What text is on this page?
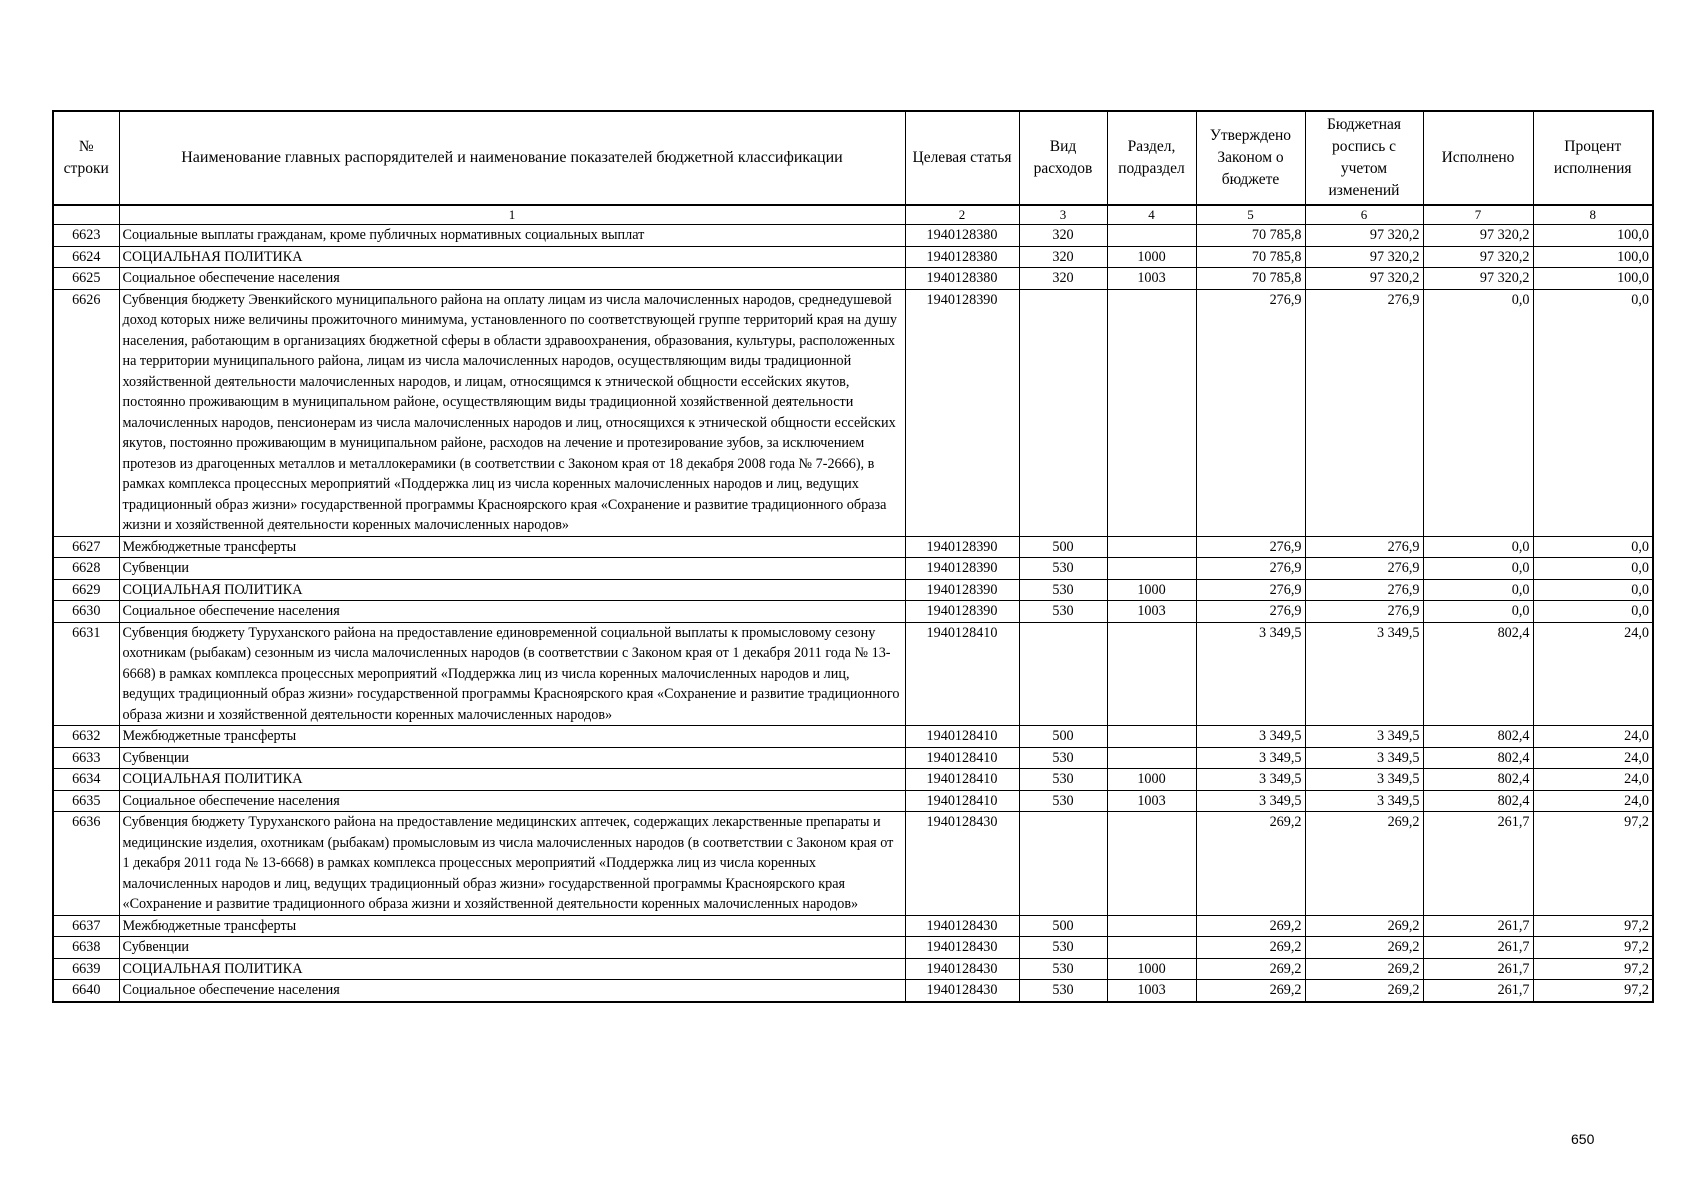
№ строки	Наименование главных распорядителей и наименование показателей бюджетной классификации	Целевая статья	Вид расходов	Раздел, подраздел	Утверждено Законом о бюджете	Бюджетная роспись с учетом изменений	Исполнено	Процент исполнения
	1	2	3	4	5	6	7	8
6623	Социальные выплаты гражданам, кроме публичных нормативных социальных выплат	1940128380	320		70 785,8	97 320,2	97 320,2	100,0
6624	СОЦИАЛЬНАЯ ПОЛИТИКА	1940128380	320	1000	70 785,8	97 320,2	97 320,2	100,0
6625	Социальное обеспечение населения	1940128380	320	1003	70 785,8	97 320,2	97 320,2	100,0
6626	Субвенция бюджету Эвенкийского муниципального района на оплату лицам из числа малочисленных народов, среднедушевой доход которых ниже величины прожиточного минимума, установленного по соответствующей группе территорий края на душу населения, работающим в организациях бюджетной сферы в области здравоохранения, образования, культуры, расположенных на территории муниципального района, лицам из числа малочисленных народов, осуществляющим виды традиционной хозяйственной деятельности малочисленных народов, и лицам, относящимся к этнической общности ессейских якутов, постоянно проживающим в муниципальном районе, осуществляющим виды традиционной хозяйственной деятельности малочисленных народов, пенсионерам из числа малочисленных народов и лиц, относящихся к этнической общности ессейских якутов, постоянно проживающим в муниципальном районе, расходов на лечение и протезирование зубов, за исключением протезов из драгоценных металлов и металлокерамики (в соответствии с Законом края от 18 декабря 2008 года № 7-2666), в рамках комплекса процессных мероприятий «Поддержка лиц из числа коренных малочисленных народов и лиц, ведущих традиционный образ жизни» государственной программы Красноярского края «Сохранение и развитие традиционного образа жизни и хозяйственной деятельности коренных малочисленных народов»	1940128390			276,9	276,9	0,0	0,0
6627	Межбюджетные трансферты	1940128390	500		276,9	276,9	0,0	0,0
6628	Субвенции	1940128390	530		276,9	276,9	0,0	0,0
6629	СОЦИАЛЬНАЯ ПОЛИТИКА	1940128390	530	1000	276,9	276,9	0,0	0,0
6630	Социальное обеспечение населения	1940128390	530	1003	276,9	276,9	0,0	0,0
6631	Субвенция бюджету Туруханского района на предоставление единовременной социальной выплаты к промысловому сезону охотникам (рыбакам) сезонным из числа малочисленных народов (в соответствии с Законом края от 1 декабря 2011 года № 13-6668) в рамках комплекса процессных мероприятий «Поддержка лиц из числа коренных малочисленных народов и лиц, ведущих традиционный образ жизни» государственной программы Красноярского края «Сохранение и развитие традиционного образа жизни и хозяйственной деятельности коренных малочисленных народов»	1940128410			3 349,5	3 349,5	802,4	24,0
6632	Межбюджетные трансферты	1940128410	500		3 349,5	3 349,5	802,4	24,0
6633	Субвенции	1940128410	530		3 349,5	3 349,5	802,4	24,0
6634	СОЦИАЛЬНАЯ ПОЛИТИКА	1940128410	530	1000	3 349,5	3 349,5	802,4	24,0
6635	Социальное обеспечение населения	1940128410	530	1003	3 349,5	3 349,5	802,4	24,0
6636	Субвенция бюджету Туруханского района на предоставление медицинских аптечек, содержащих лекарственные препараты и медицинские изделия, охотникам (рыбакам) промысловым из числа малочисленных народов (в соответствии с Законом края от 1 декабря 2011 года № 13-6668) в рамках комплекса процессных мероприятий «Поддержка лиц из числа коренных малочисленных народов и лиц, ведущих традиционный образ жизни» государственной программы Красноярского края «Сохранение и развитие традиционного образа жизни и хозяйственной деятельности коренных малочисленных народов»	1940128430			269,2	269,2	261,7	97,2
6637	Межбюджетные трансферты	1940128430	500		269,2	269,2	261,7	97,2
6638	Субвенции	1940128430	530		269,2	269,2	261,7	97,2
6639	СОЦИАЛЬНАЯ ПОЛИТИКА	1940128430	530	1000	269,2	269,2	261,7	97,2
6640	Социальное обеспечение населения	1940128430	530	1003	269,2	269,2	261,7	97,2
650
